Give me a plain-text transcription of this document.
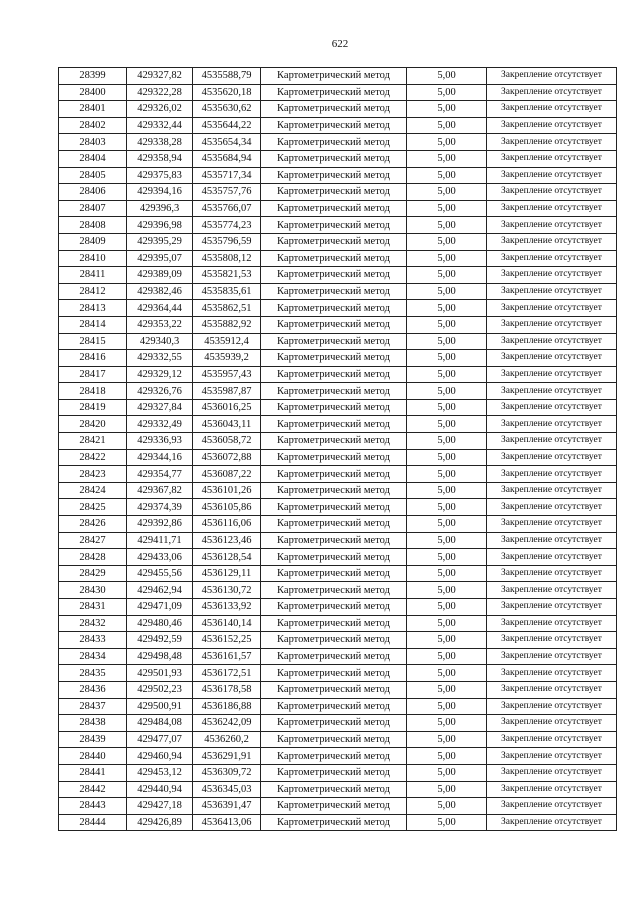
622
28399	429327,82	4535588,79	Картометрический метод	5,00	Закрепление отсутствует
28400	429322,28	4535620,18	Картометрический метод	5,00	Закрепление отсутствует
28401	429326,02	4535630,62	Картометрический метод	5,00	Закрепление отсутствует
28402	429332,44	4535644,22	Картометрический метод	5,00	Закрепление отсутствует
28403	429338,28	4535654,34	Картометрический метод	5,00	Закрепление отсутствует
28404	429358,94	4535684,94	Картометрический метод	5,00	Закрепление отсутствует
28405	429375,83	4535717,34	Картометрический метод	5,00	Закрепление отсутствует
28406	429394,16	4535757,76	Картометрический метод	5,00	Закрепление отсутствует
28407	429396,3	4535766,07	Картометрический метод	5,00	Закрепление отсутствует
28408	429396,98	4535774,23	Картометрический метод	5,00	Закрепление отсутствует
28409	429395,29	4535796,59	Картометрический метод	5,00	Закрепление отсутствует
28410	429395,07	4535808,12	Картометрический метод	5,00	Закрепление отсутствует
28411	429389,09	4535821,53	Картометрический метод	5,00	Закрепление отсутствует
28412	429382,46	4535835,61	Картометрический метод	5,00	Закрепление отсутствует
28413	429364,44	4535862,51	Картометрический метод	5,00	Закрепление отсутствует
28414	429353,22	4535882,92	Картометрический метод	5,00	Закрепление отсутствует
28415	429340,3	4535912,4	Картометрический метод	5,00	Закрепление отсутствует
28416	429332,55	4535939,2	Картометрический метод	5,00	Закрепление отсутствует
28417	429329,12	4535957,43	Картометрический метод	5,00	Закрепление отсутствует
28418	429326,76	4535987,87	Картометрический метод	5,00	Закрепление отсутствует
28419	429327,84	4536016,25	Картометрический метод	5,00	Закрепление отсутствует
28420	429332,49	4536043,11	Картометрический метод	5,00	Закрепление отсутствует
28421	429336,93	4536058,72	Картометрический метод	5,00	Закрепление отсутствует
28422	429344,16	4536072,88	Картометрический метод	5,00	Закрепление отсутствует
28423	429354,77	4536087,22	Картометрический метод	5,00	Закрепление отсутствует
28424	429367,82	4536101,26	Картометрический метод	5,00	Закрепление отсутствует
28425	429374,39	4536105,86	Картометрический метод	5,00	Закрепление отсутствует
28426	429392,86	4536116,06	Картометрический метод	5,00	Закрепление отсутствует
28427	429411,71	4536123,46	Картометрический метод	5,00	Закрепление отсутствует
28428	429433,06	4536128,54	Картометрический метод	5,00	Закрепление отсутствует
28429	429455,56	4536129,11	Картометрический метод	5,00	Закрепление отсутствует
28430	429462,94	4536130,72	Картометрический метод	5,00	Закрепление отсутствует
28431	429471,09	4536133,92	Картометрический метод	5,00	Закрепление отсутствует
28432	429480,46	4536140,14	Картометрический метод	5,00	Закрепление отсутствует
28433	429492,59	4536152,25	Картометрический метод	5,00	Закрепление отсутствует
28434	429498,48	4536161,57	Картометрический метод	5,00	Закрепление отсутствует
28435	429501,93	4536172,51	Картометрический метод	5,00	Закрепление отсутствует
28436	429502,23	4536178,58	Картометрический метод	5,00	Закрепление отсутствует
28437	429500,91	4536186,88	Картометрический метод	5,00	Закрепление отсутствует
28438	429484,08	4536242,09	Картометрический метод	5,00	Закрепление отсутствует
28439	429477,07	4536260,2	Картометрический метод	5,00	Закрепление отсутствует
28440	429460,94	4536291,91	Картометрический метод	5,00	Закрепление отсутствует
28441	429453,12	4536309,72	Картометрический метод	5,00	Закрепление отсутствует
28442	429440,94	4536345,03	Картометрический метод	5,00	Закрепление отсутствует
28443	429427,18	4536391,47	Картометрический метод	5,00	Закрепление отсутствует
28444	429426,89	4536413,06	Картометрический метод	5,00	Закрепление отсутствует
